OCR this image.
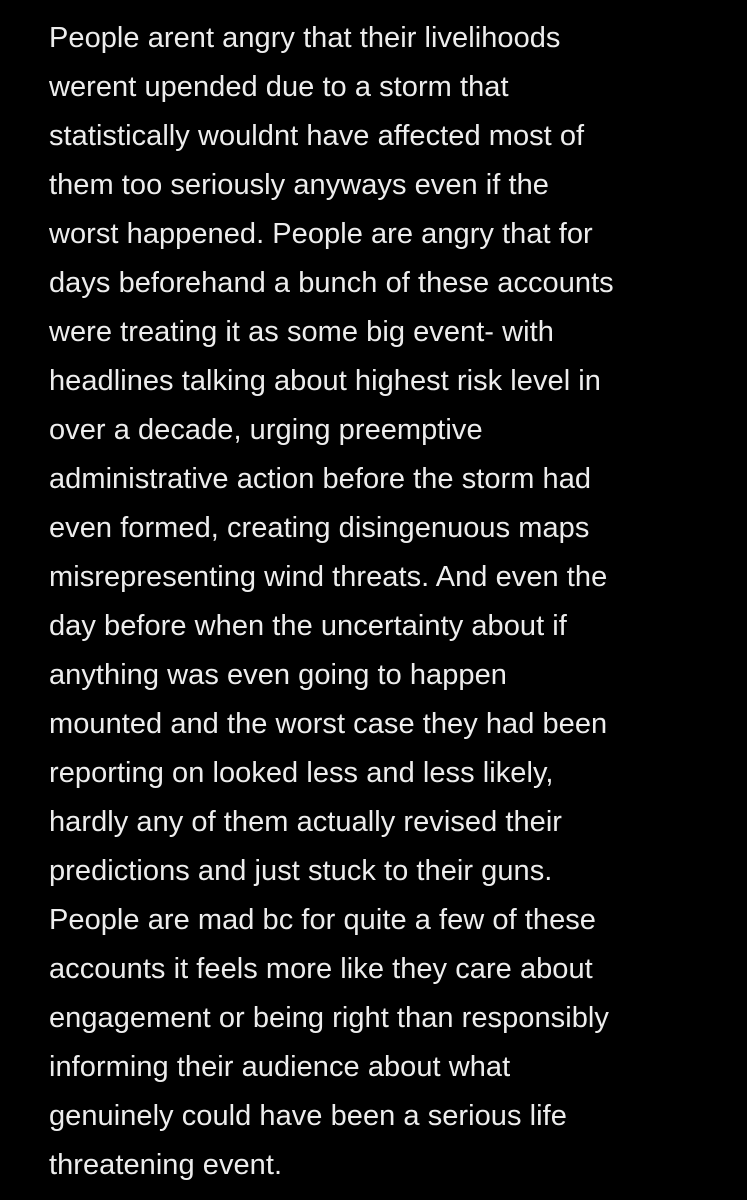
People arent angry that their livelihoods
werent upended due to a storm that
statistically wouldnt have affected most of
them too seriously anyways even if the
worst happened. People are angry that for
days beforehand a bunch of these accounts
were treating it as some big event- with
headlines talking about highest risk level in
over a decade, urging preemptive
administrative action before the storm had
even formed, creating disingenuous maps
misrepresenting wind threats. And even the
day before when the uncertainty about if
anything was even going to happen
mounted and the worst case they had been
reporting on looked less and less likely,
hardly any of them actually revised their
predictions and just stuck to their guns.
People are mad bc for quite a few of these
accounts it feels more like they care about
engagement or being right than responsibly
informing their audience about what
genuinely could have been a serious life
threatening event.
